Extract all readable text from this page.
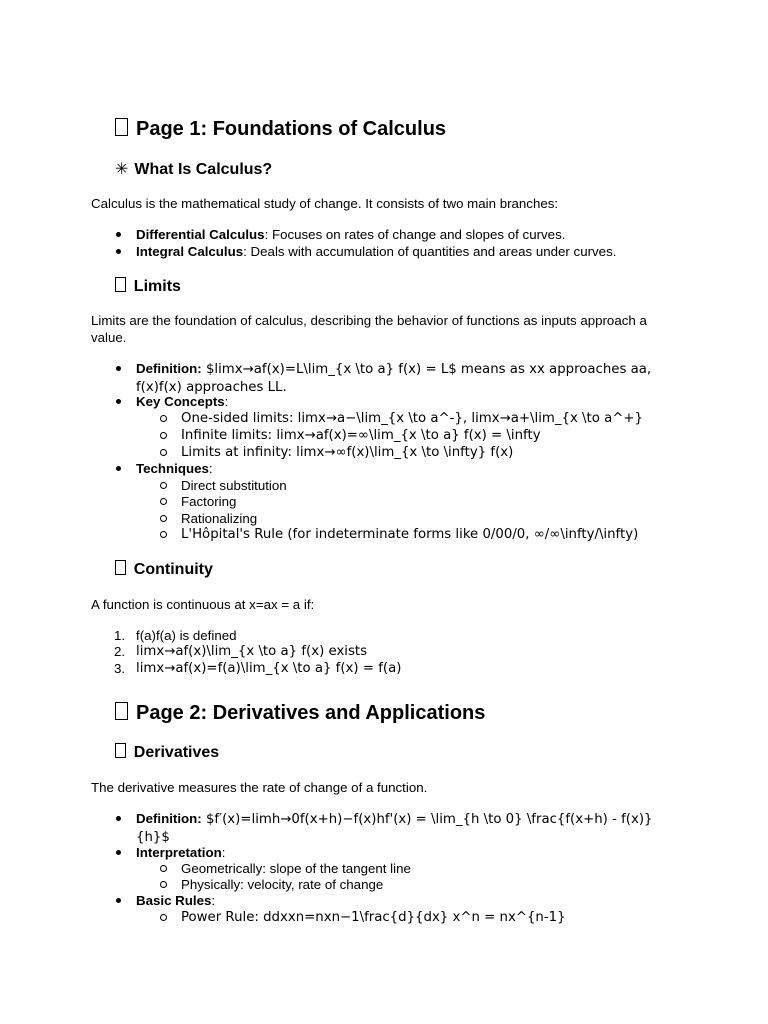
Page 1: Foundations of Calculus
✳ What Is Calculus?
Calculus is the mathematical study of change. It consists of two main branches:
Differential Calculus: Focuses on rates of change and slopes of curves.
Integral Calculus: Deals with accumulation of quantities and areas under curves.
Limits
Limits are the foundation of calculus, describing the behavior of functions as inputs approach a value.
Definition: $limx→af(x)=L\lim_{x \to a} f(x) = L$ means as xx approaches aa, f(x)f(x) approaches LL.
Key Concepts:
One-sided limits: limx→a−\lim_{x \to a^-}, limx→a+\lim_{x \to a^+}
Infinite limits: limx→af(x)=∞\lim_{x \to a} f(x) = \infty
Limits at infinity: limx→∞f(x)\lim_{x \to \infty} f(x)
Techniques:
Direct substitution
Factoring
Rationalizing
L'Hôpital's Rule (for indeterminate forms like 0/00/0, ∞/∞\infty/\infty)
Continuity
A function is continuous at x=ax = a if:
1. f(a)f(a) is defined
2. limx→af(x)\lim_{x \to a} f(x) exists
3. limx→af(x)=f(a)\lim_{x \to a} f(x) = f(a)
Page 2: Derivatives and Applications
Derivatives
The derivative measures the rate of change of a function.
Definition: $f′(x)=limh→0f(x+h)−f(x)hf'(x) = \lim_{h \to 0} \frac{f(x+h) - f(x)}{h}$
Interpretation:
Geometrically: slope of the tangent line
Physically: velocity, rate of change
Basic Rules:
Power Rule: ddxxn=nxn−1\frac{d}{dx} x^n = nx^{n-1}
